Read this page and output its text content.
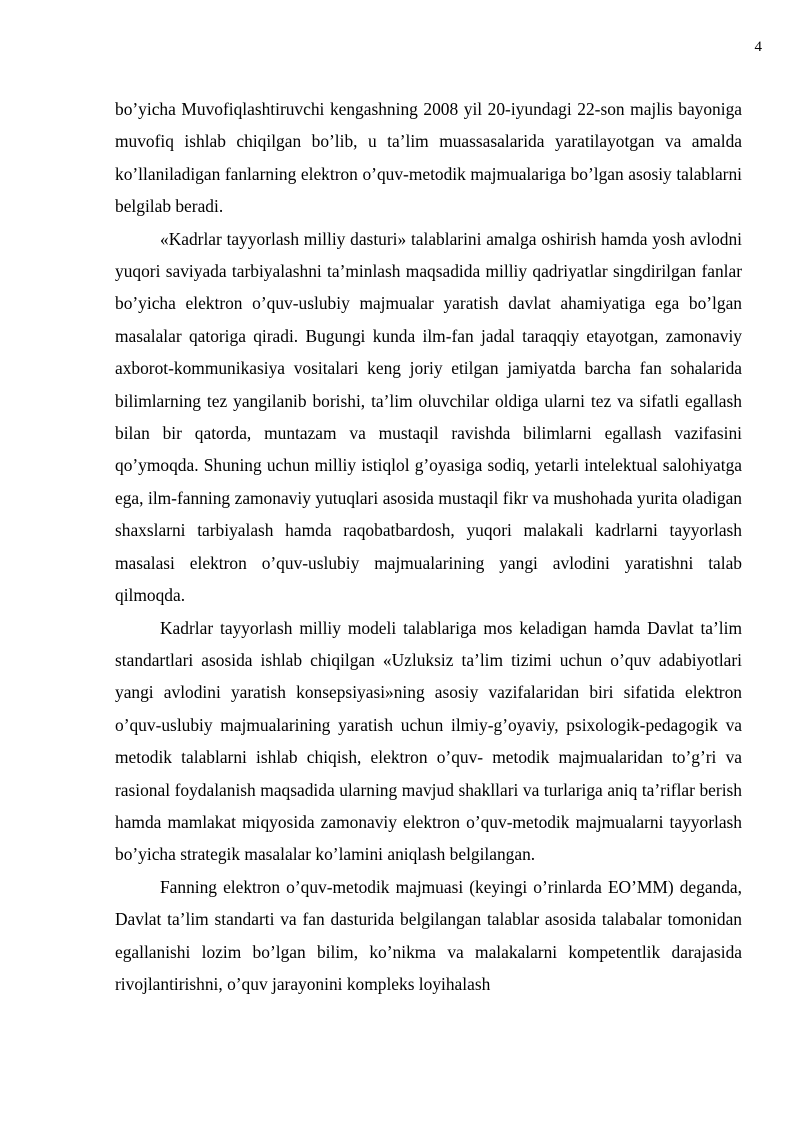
4

bo’yicha Muvofiqlashtiruvchi kengashning 2008 yil 20-iyundagi 22-son majlis bayoniga muvofiq ishlab chiqilgan bo’lib, u ta’lim muassasalarida yaratilayotgan va amalda ko’llaniladigan fanlarning elektron o’quv-metodik majmualariga bo’lgan asosiy talablarni belgilab beradi.

«Kadrlar tayyorlash milliy dasturi» talablarini amalga oshirish hamda yosh avlodni yuqori saviyada tarbiyalashni ta’minlash maqsadida milliy qadriyatlar singdirilgan fanlar bo’yicha elektron o’quv-uslubiy majmualar yaratish davlat ahamiyatiga ega bo’lgan masalalar qatoriga qiradi. Bugungi kunda ilm-fan jadal taraqqiy etayotgan, zamonaviy axborot-kommunikasiya vositalari keng joriy etilgan jamiyatda barcha fan sohalarida bilimlarning tez yangilanib borishi, ta’lim oluvchilar oldiga ularni tez va sifatli egallash bilan bir qatorda, muntazam va mustaqil ravishda bilimlarni egallash vazifasini qo’ymoqda. Shuning uchun milliy istiqlol g’oyasiga sodiq, yetarli intelektual salohiyatga ega, ilm-fanning zamonaviy yutuqlari asosida mustaqil fikr va mushohada yurita oladigan shaxslarni tarbiyalash hamda raqobatbardosh, yuqori malakali kadrlarni tayyorlash masalasi elektron o’quv-uslubiy majmualarining yangi avlodini yaratishni talab qilmoqda.

Kadrlar tayyorlash milliy modeli talablariga mos keladigan hamda Davlat ta’lim standartlari asosida ishlab chiqilgan «Uzluksiz ta’lim tizimi uchun o’quv adabiyotlari yangi avlodini yaratish konsepsiyasi»ning asosiy vazifalaridan biri sifatida elektron o’quv-uslubiy majmualarining yaratish uchun ilmiy-g’oyaviy, psixologik-pedagogik va metodik talablarni ishlab chiqish, elektron o’quv- metodik majmualaridan to’g’ri va rasional foydalanish maqsadida ularning mavjud shakllari va turlariga aniq ta’riflar berish hamda mamlakat miqyosida zamonaviy elektron o’quv-metodik majmualarni tayyorlash bo’yicha strategik masalalar ko’lamini aniqlash belgilangan.

Fanning elektron o’quv-metodik majmuasi (keyingi o’rinlarda EO’MM) deganda, Davlat ta’lim standarti va fan dasturida belgilangan talablar asosida talabalar tomonidan egallanishi lozim bo’lgan bilim, ko’nikma va malakalarni kompetentlik darajasida rivojlantirishni, o’quv jarayonini kompleks loyihalash
